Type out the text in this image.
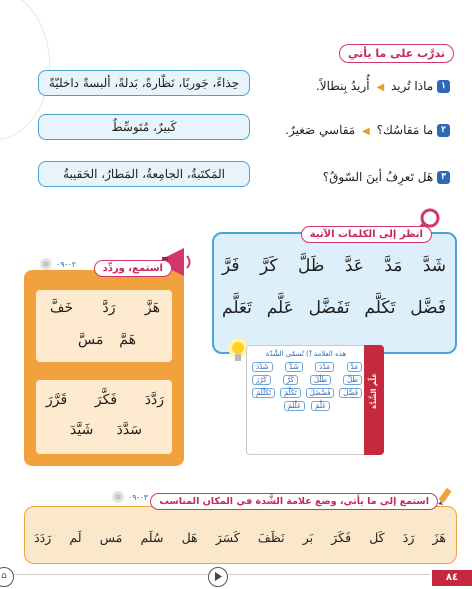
تدرَّب على ما يأتي
١ ماذا تُريد ◀ أُريدُ بِنطالاً.
حِذاءً، جَوربًا، نَظّارةً، بَدلةً، ألبسةً داخليّةً
٢ ما مَقاسُك؟ ◀ مَقاسي صَغيرٌ.
كَبيرٌ، مُتَوسِّطٌ
٣ هَل تَعرِفُ أينَ السّوقُ؟
المَكتَبةُ، الجامِعةُ، المَطارُ، الحَقيبةُ
انظر إلى الكلمات الآتية
شَدَّ
مَدَّ
عَدَّ
ظَلَّ
كَرَّ
فَرَّ
فَضَّل
تَكَلَّم
تَفَضَّل
عَلَّم
تَعَلَّم
علِّم الشَّدَّة
هذه العلامة (ّ) تُسمّى الشَّدّة
مَدَّ
مَدْدَ
شَدَّ
شَدْدَ
ظَلَّ
ظَلْلَ
كَرَّ
كَرْرَ
فَضَّلَ
فَضْضَلَ
تَكَلَّمَ
تَكَلْلَمَ
عَلَّمَ
عَلْلَمَ
استمع، وردِّد
٠٢-٠٩
هَزَّ
رَدَّ
خَفَّ
هَمَّ
مَسَّ
رَدَّدَ
فَكَّرَ
قَرَّرَ
سَدَّدَ
شَيَّدَ
استمع إلى ما يأتي، وضع علامة الشَّدة في المكان المناسب
٠٣-٠٩
هَزَ
رَدَ
كَل
فَكَرَ
بَر
نَظَفَ
كَسَرَ
هَل
سُلَم
مَس
لَم
رَدَدَ
⌂	٨٤
